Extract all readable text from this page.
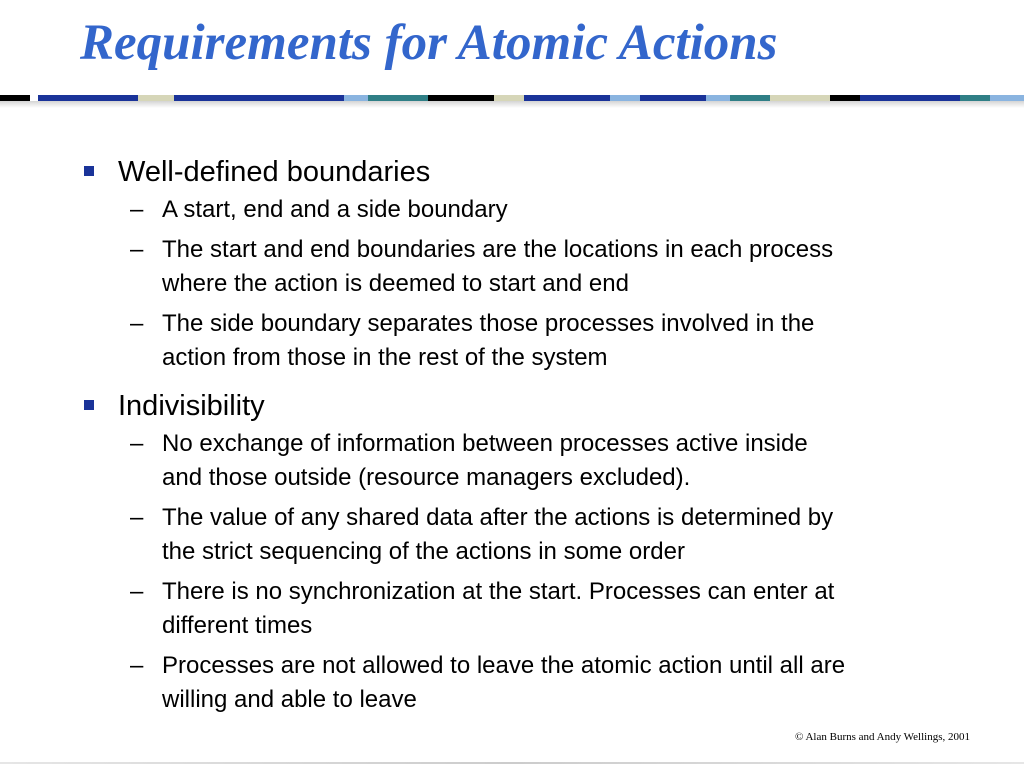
Requirements for Atomic Actions
Well-defined boundaries
– A start, end and a side boundary
– The start and end boundaries are the locations in each process
where the action is deemed to start and end
– The side boundary separates those processes involved in the
action from those in the rest of the system
Indivisibility
– No exchange of information between processes active inside
and those outside (resource managers excluded).
– The value of any shared data after the actions is determined by
the strict sequencing of the actions in some order
– There is no synchronization at the start. Processes can enter at
different times
– Processes are not allowed to leave the atomic action until all are
willing and able to leave
© Alan Burns and Andy Wellings, 2001
